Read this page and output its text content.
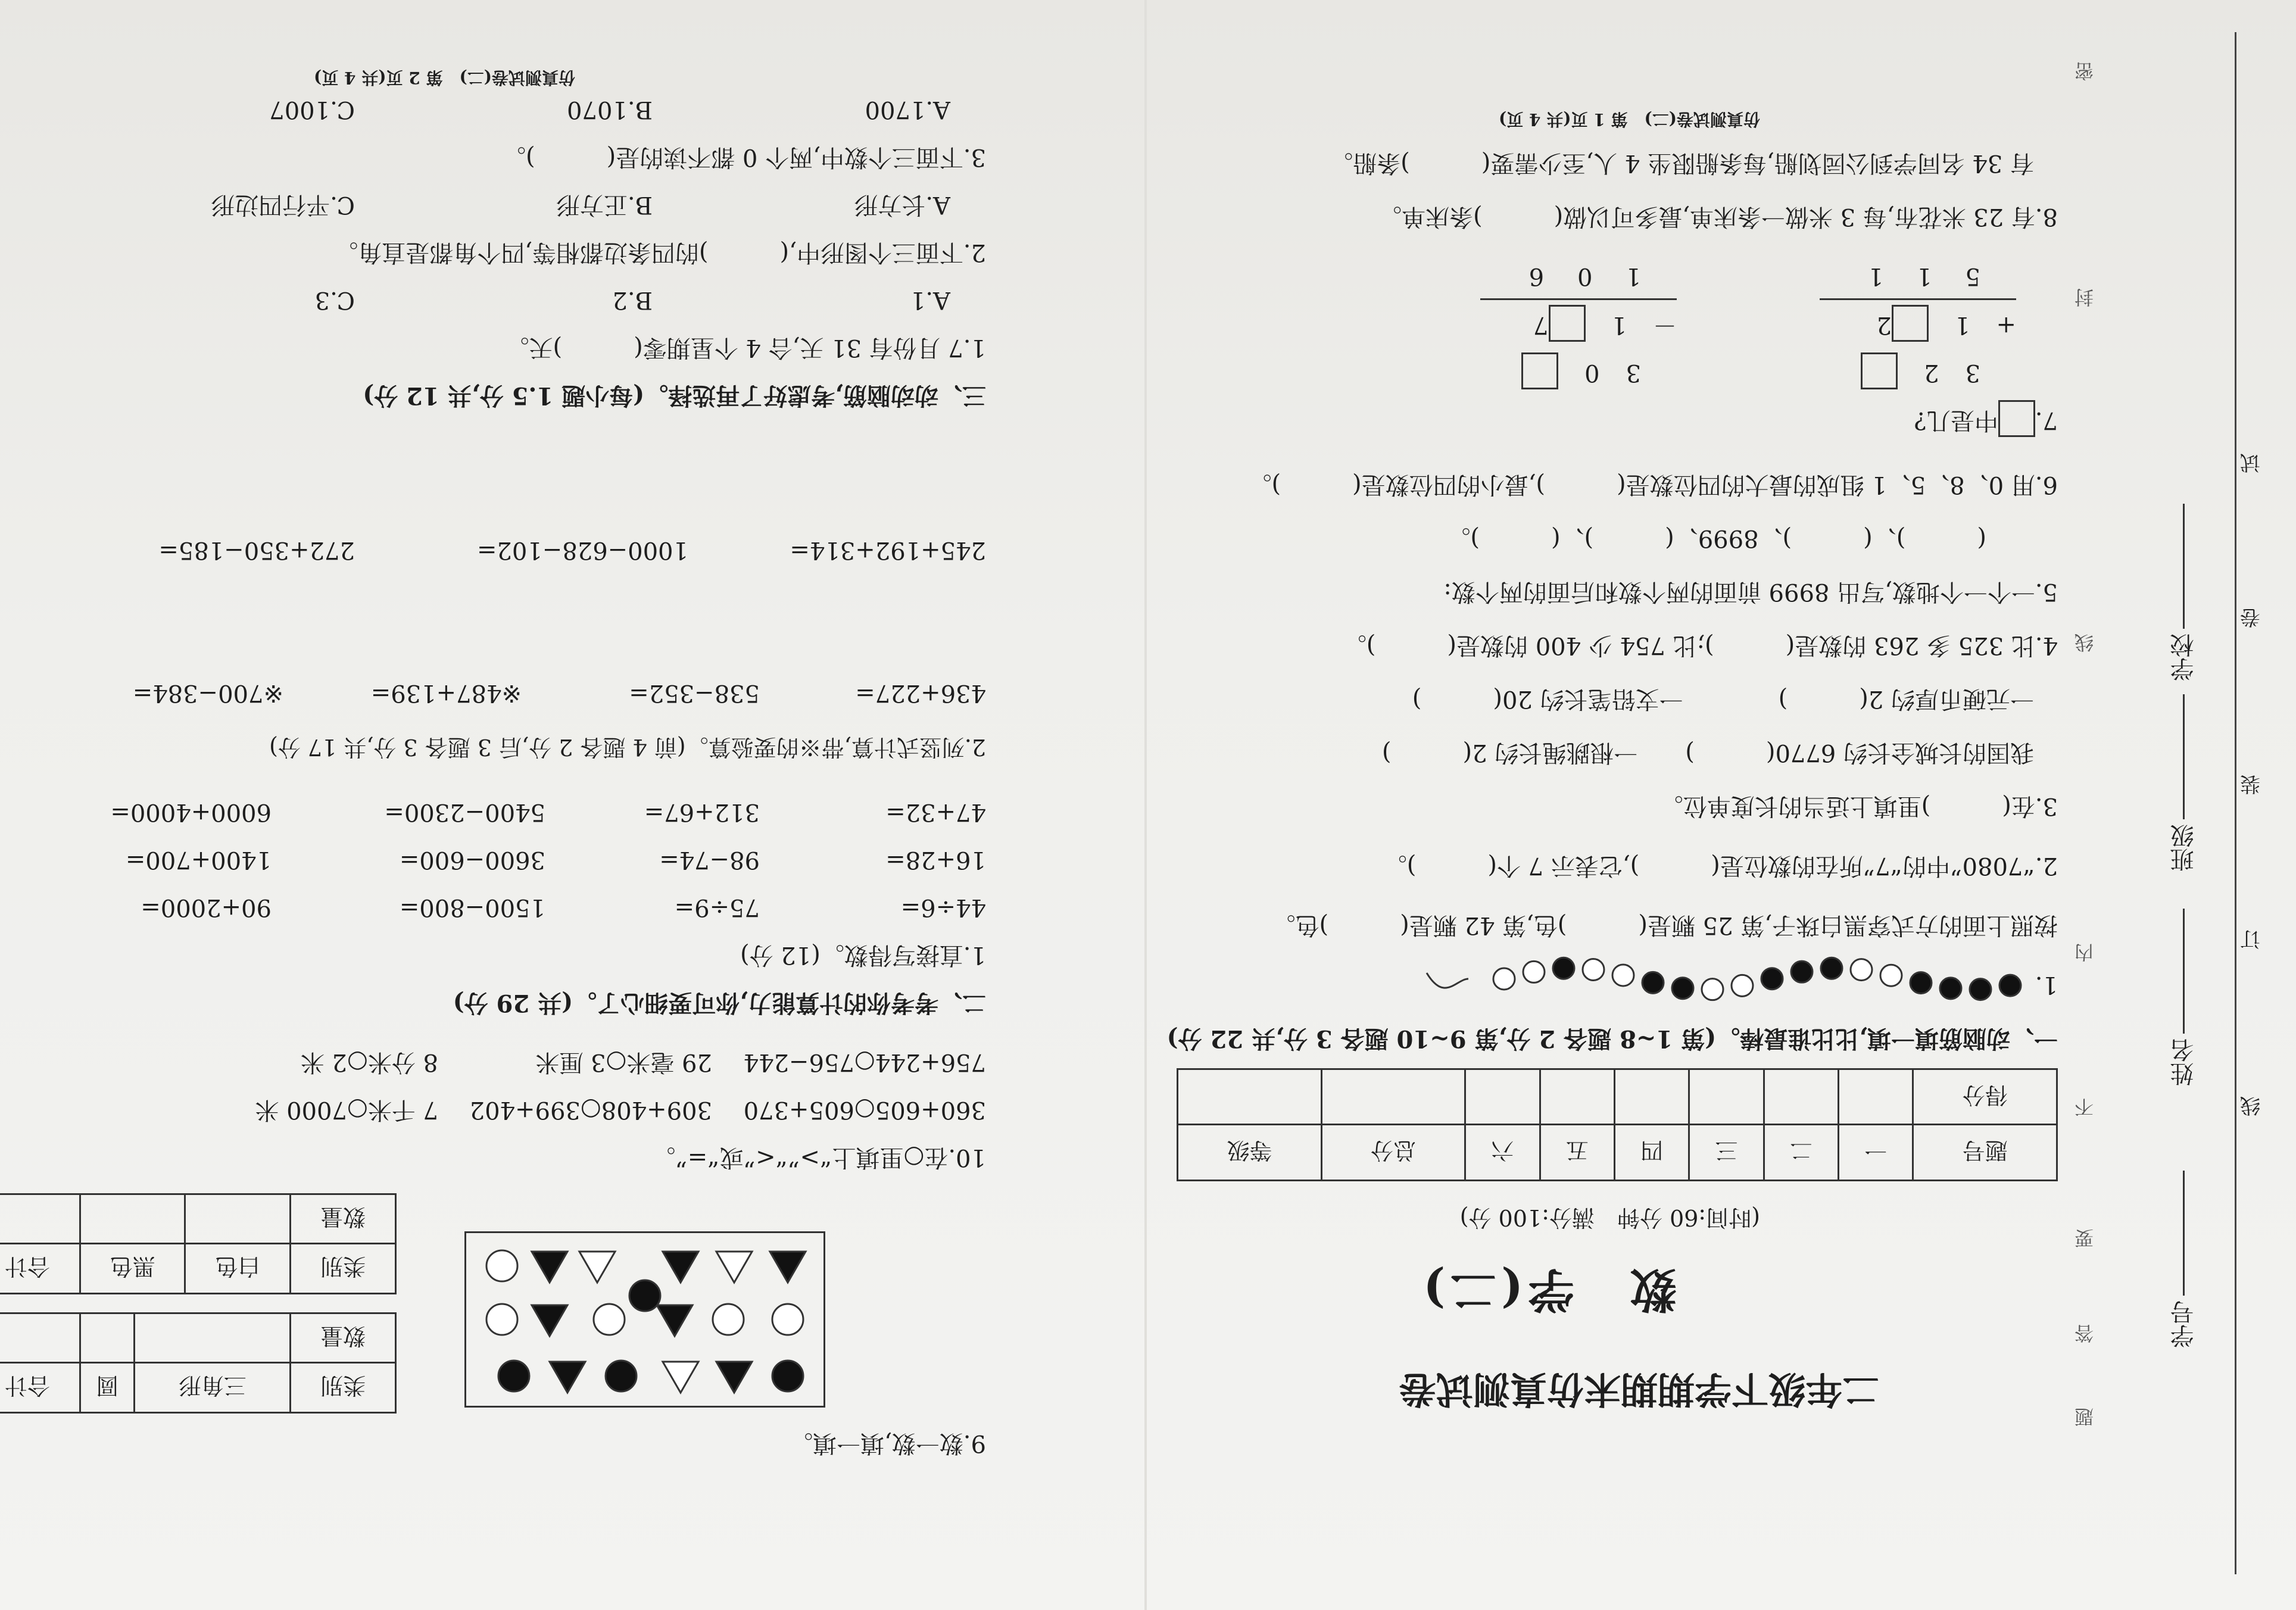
学校
班级
姓名
学号
试
卷
装
订
线
密
封
线
内
不
要
答
题
二年级下学期期末仿真测试卷
数　学(二)
(时间:60 分钟　满分:100 分)
题号	一	二	三	四	五	六	总分	等级
得分								
一、动脑筋填一填,比比谁最棒。(第 1~8 题各 2 分,第 9~10 题各 3 分,共 22 分)
1.
按照上面的方式穿黑白珠子,第 25 颗是(　　　)色,第 42 颗是(　　　)色。
2.“7080”中的“7”所在的数位是(　　　),它表示 7 个(　　　)。
3.在(　　　)里填上适当的长度单位。
我国的长城全长约 6770(　　　)　　一根跳绳长约 2(　　　)
一元硬币厚约 2(　　　)　　　　一支铅笔长约 20(　　　)
4.比 325 多 263 的数是(　　　);比 754 少 400 的数是(　　　)。
5.一个一个地数,写出 8999 前面的两个数和后面的两个数:
(　　　)、(　　　)、8999、(　　　)、(　　　)。
6.用 0、8、5、1 组成的最大的四位数是(　　　),最小的四位数是(　　　)。
7.中是几?
32
+12
511
30
－17
106
8.有 23 米花布,每 3 米做一条床单,最多可以做(　　　)条床单。
有 34 名同学到公园划船,每条船限坐 4 人,至少需要(　　　)条船。
仿真测试卷(二)　第 1 页(共 4 页)
9.数一数,填一填。
类别	三角形	圆	合计
数量			
类别	白色	黑色	合计
数量			
10.在○里填上“>”“<”或“=”。
360+605○605+370
309+408○399+402
7 千米○7000 米
756+244○756−244
29 毫米○3 厘米
8 分米○2 米
二、考考你的计算能力,你可要细心了。(共 29 分)
1.直接写得数。(12 分)
44÷6=
75÷9=
1500−800=
90+2000=
16+28=
98−74=
3600−600=
1400+700=
47+32=
312+67=
5400−2300=
6000+4000=
2.列竖式计算,带※的要验算。(前 4 题各 2 分,后 3 题各 3 分,共 17 分)
436+227=
538−352=
※487+139=
※700−384=
245+192+314=
1000−628−102=
272+350−185=
三、动动脑筋,考虑好了再选择。(每小题 1.5 分,共 12 分)
1.7 月份有 31 天,合 4 个星期零(　　　)天。
A.1
B.2
C.3
2.下面三个图形中,(　　　)的四条边都相等,四个角都是直角。
A.长方形
B.正方形
C.平行四边形
3.下面三个数中,两个 0 都不读的是(　　　)。
A.1700
B.1070
C.1007
仿真测试卷(二)　第 2 页(共 4 页)
